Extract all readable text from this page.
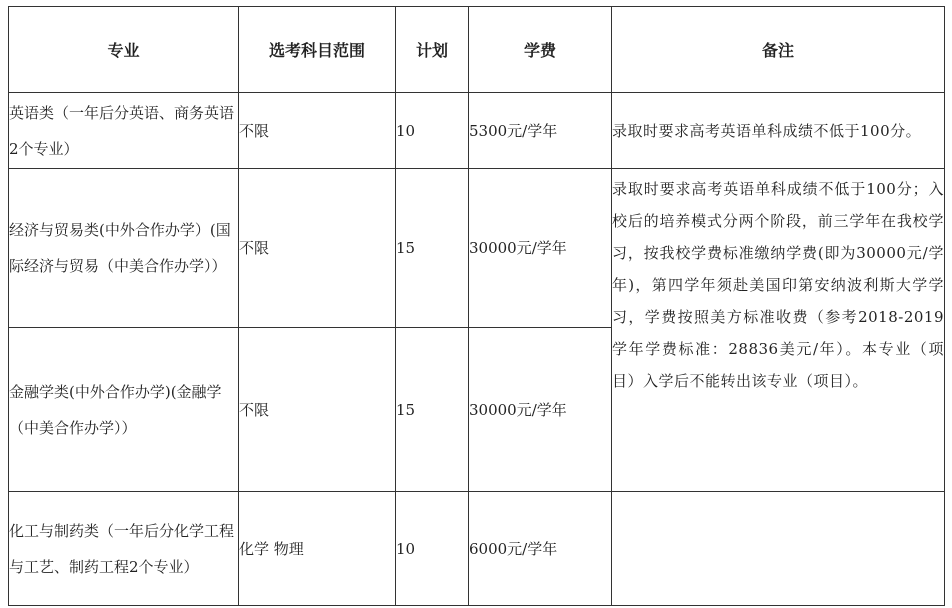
专业	选考科目范围	计划	学费	备注
英语类（一年后分英语、商务英语2个专业）	不限	10	5300元/学年	录取时要求高考英语单科成绩不低于100分。
经济与贸易类(中外合作办学）(国际经济与贸易（中美合作办学））	不限	15	30000元/学年	录取时要求高考英语单科成绩不低于100分；入校后的培养模式分两个阶段，前三学年在我校学习，按我校学费标准缴纳学费(即为30000元/学年)，第四学年须赴美国印第安纳波利斯大学学习，学费按照美方标准收费（参考2018-2019学年学费标准：28836美元/年）。本专业（项目）入学后不能转出该专业（项目）。
金融学类(中外合作办学)(金融学（中美合作办学））	不限	15	30000元/学年	
化工与制药类（一年后分化学工程与工艺、制药工程2个专业）	化学 物理	10	6000元/学年	
